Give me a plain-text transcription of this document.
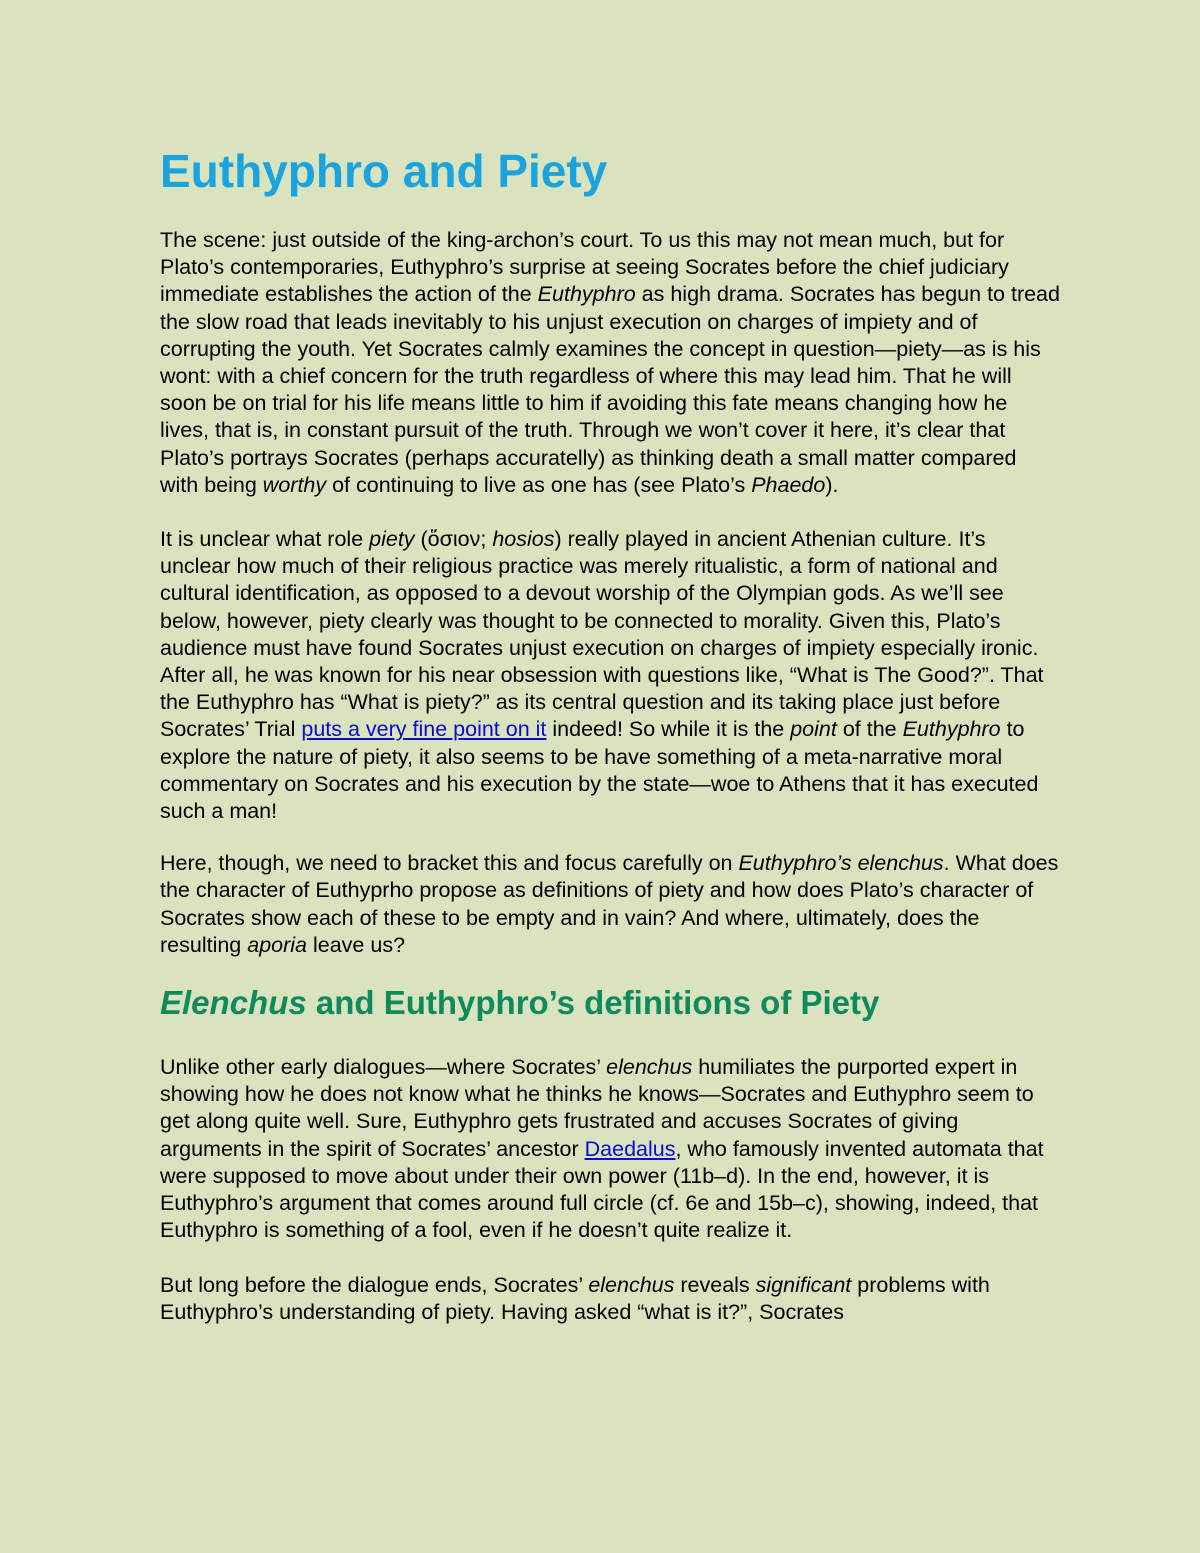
Euthyphro and Piety

The scene: just outside of the king-archon’s court. To us this may not mean much, but for Plato’s contemporaries, Euthyphro’s surprise at seeing Socrates before the chief judiciary immediate establishes the action of the Euthyphro as high drama. Socrates has begun to tread the slow road that leads inevitably to his unjust execution on charges of impiety and of corrupting the youth. Yet Socrates calmly examines the concept in question—piety—as is his wont: with a chief concern for the truth regardless of where this may lead him. That he will soon be on trial for his life means little to him if avoiding this fate means changing how he lives, that is, in constant pursuit of the truth. Through we won’t cover it here, it’s clear that Plato’s portrays Socrates (perhaps accuratelly) as thinking death a small matter compared with being worthy of continuing to live as one has (see Plato’s Phaedo).

It is unclear what role piety (ὅσιον; hosios) really played in ancient Athenian culture. It’s unclear how much of their religious practice was merely ritualistic, a form of national and cultural identification, as opposed to a devout worship of the Olympian gods. As we’ll see below, however, piety clearly was thought to be connected to morality. Given this, Plato’s audience must have found Socrates unjust execution on charges of impiety especially ironic. After all, he was known for his near obsession with questions like, “What is The Good?”. That the Euthyphro has “What is piety?” as its central question and its taking place just before Socrates’ Trial puts a very fine point on it indeed! So while it is the point of the Euthyphro to explore the nature of piety, it also seems to be have something of a meta-narrative moral commentary on Socrates and his execution by the state—woe to Athens that it has executed such a man!

Here, though, we need to bracket this and focus carefully on Euthyphro’s elenchus. What does the character of Euthyprho propose as definitions of piety and how does Plato’s character of Socrates show each of these to be empty and in vain? And where, ultimately, does the resulting aporia leave us?

Elenchus and Euthyphro’s definitions of Piety

Unlike other early dialogues—where Socrates’ elenchus humiliates the purported expert in showing how he does not know what he thinks he knows—Socrates and Euthyphro seem to get along quite well. Sure, Euthyphro gets frustrated and accuses Socrates of giving arguments in the spirit of Socrates’ ancestor Daedalus, who famously invented automata that were supposed to move about under their own power (11b–d). In the end, however, it is Euthyphro’s argument that comes around full circle (cf. 6e and 15b–c), showing, indeed, that Euthyphro is something of a fool, even if he doesn’t quite realize it.

But long before the dialogue ends, Socrates’ elenchus reveals significant problems with Euthyphro’s understanding of piety. Having asked “what is it?”, Socrates
